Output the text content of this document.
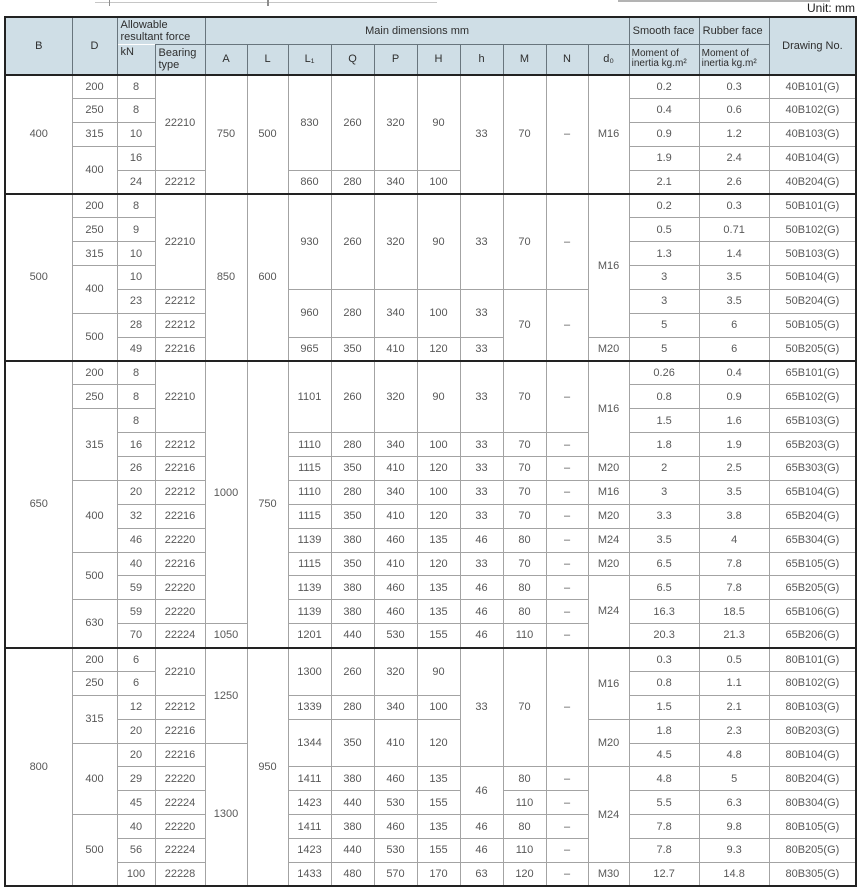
Unit: mm
B	D	Allowable resultant force		Main dimensions mm										Smooth face	Rubber face	Drawing No.
		kN	Bearing type	A	L	L₁	Q	P	H	h	M	N	d₀	Moment of inertia kg.m²	Moment of inertia kg.m²	
400	200	8	22210	750	500	830	260	320	90	33	70	–	M16	0.2	0.3	40B101(G)
	250	8												0.4	0.6	40B102(G)
	315	10												0.9	1.2	40B103(G)
	400	16												1.9	2.4	40B104(G)
		24	22212			860	280	340	100					2.1	2.6	40B204(G)
500	200	8	22210	850	600	930	260	320	90	33	70	–	M16	0.2	0.3	50B101(G)
	250	9												0.5	0.71	50B102(G)
	315	10												1.3	1.4	50B103(G)
	400	10												3	3.5	50B104(G)
		23	22212			960	280	340	100	33	70	–		3	3.5	50B204(G)
	500	28	22212											5	6	50B105(G)
		49	22216			965	350	410	120	33			M20	5	6	50B205(G)
650	200	8	22210	1000	750	1101	260	320	90	33	70	–	M16	0.26	0.4	65B101(G)
	250	8												0.8	0.9	65B102(G)
	315	8												1.5	1.6	65B103(G)
		16	22212			1110	280	340	100	33	70	–		1.8	1.9	65B203(G)
		26	22216			1115	350	410	120	33	70	–	M20	2	2.5	65B303(G)
	400	20	22212			1110	280	340	100	33	70	–	M16	3	3.5	65B104(G)
		32	22216			1115	350	410	120	33	70	–	M20	3.3	3.8	65B204(G)
		46	22220			1139	380	460	135	46	80	–	M24	3.5	4	65B304(G)
	500	40	22216			1115	350	410	120	33	70	–	M20	6.5	7.8	65B105(G)
		59	22220			1139	380	460	135	46	80	–	M24	6.5	7.8	65B205(G)
	630	59	22220			1139	380	460	135	46	80	–		16.3	18.5	65B106(G)
		70	22224	1050		1201	440	530	155	46	110	–		20.3	21.3	65B206(G)
800	200	6	22210	1250	950	1300	260	320	90	33	70	–	M16	0.3	0.5	80B101(G)
	250	6												0.8	1.1	80B102(G)
	315	12	22212			1339	280	340	100					1.5	2.1	80B103(G)
		20	22216			1344	350	410	120				M20	1.8	2.3	80B203(G)
	400	20	22216	1300										4.5	4.8	80B104(G)
		29	22220			1411	380	460	135	46	80	–	M24	4.8	5	80B204(G)
		45	22224			1423	440	530	155		110	–		5.5	6.3	80B304(G)
	500	40	22220			1411	380	460	135	46	80	–		7.8	9.8	80B105(G)
		56	22224			1423	440	530	155	46	110	–		7.8	9.3	80B205(G)
		100	22228			1433	480	570	170	63	120	–	M30	12.7	14.8	80B305(G)
